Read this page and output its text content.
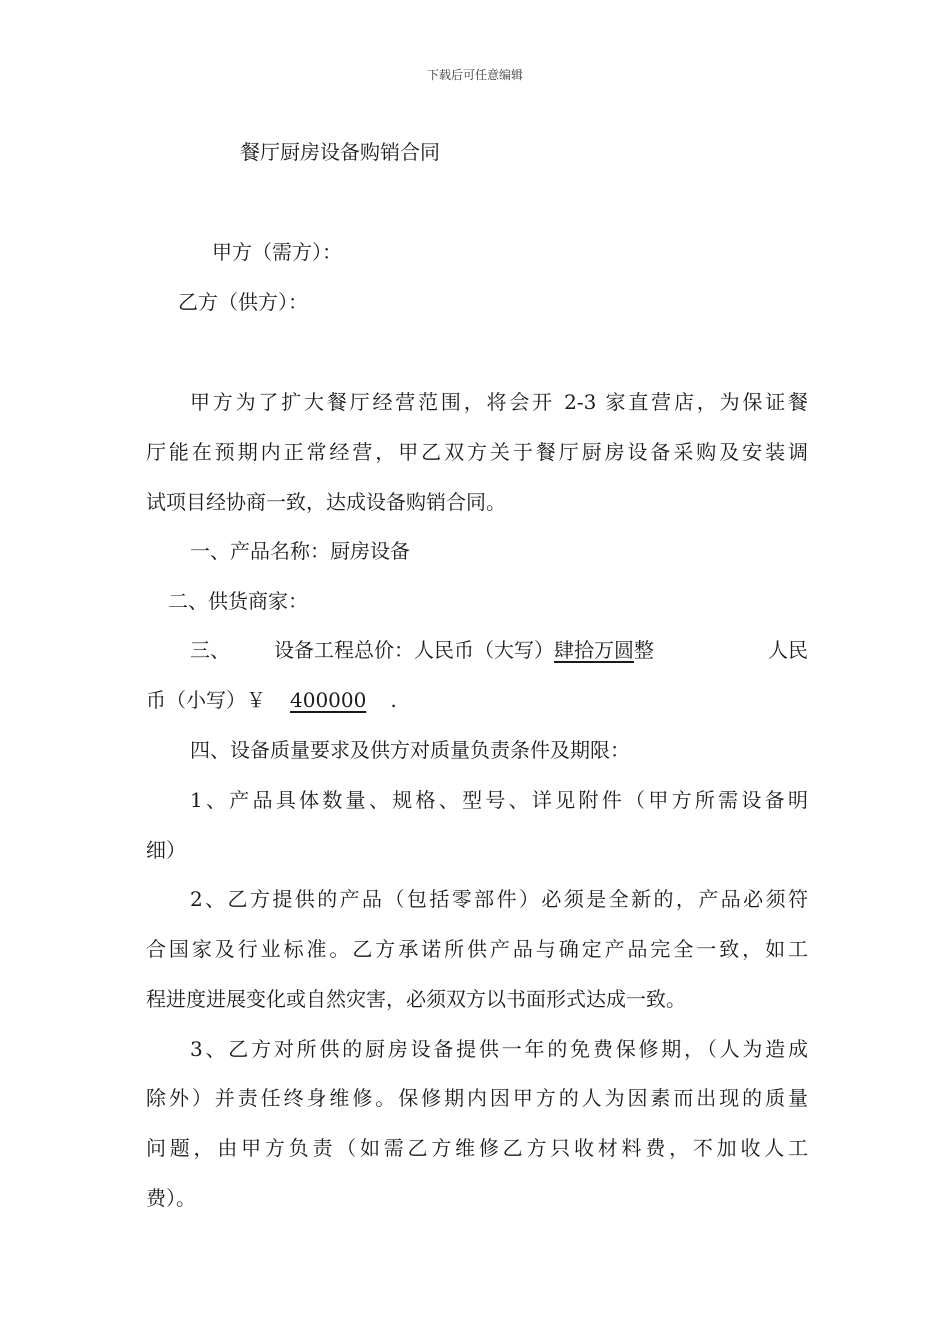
下载后可任意编辑
餐厅厨房设备购销合同
甲方（需方）：
乙方（供方）：
甲方为了扩大餐厅经营范围，将会开 2-3 家直营店，为保证餐
厅能在预期内正常经营，甲乙双方关于餐厅厨房设备采购及安装调
试项目经协商一致，达成设备购销合同。
一、产品名称：厨房设备
二、供货商家：
三、 设备工程总价：人民币（大写）肆拾万圆整	人民
币（小写）￥ 400000 .
四、设备质量要求及供方对质量负责条件及期限：
1、产品具体数量、规格、型号、详见附件（甲方所需设备明
细）
2、乙方提供的产品（包括零部件）必须是全新的，产品必须符
合国家及行业标准。乙方承诺所供产品与确定产品完全一致，如工
程进度进展变化或自然灾害，必须双方以书面形式达成一致。
3、乙方对所供的厨房设备提供一年的免费保修期，（人为造成
除外）并责任终身维修。保修期内因甲方的人为因素而出现的质量
问题，由甲方负责（如需乙方维修乙方只收材料费，不加收人工
费）。
